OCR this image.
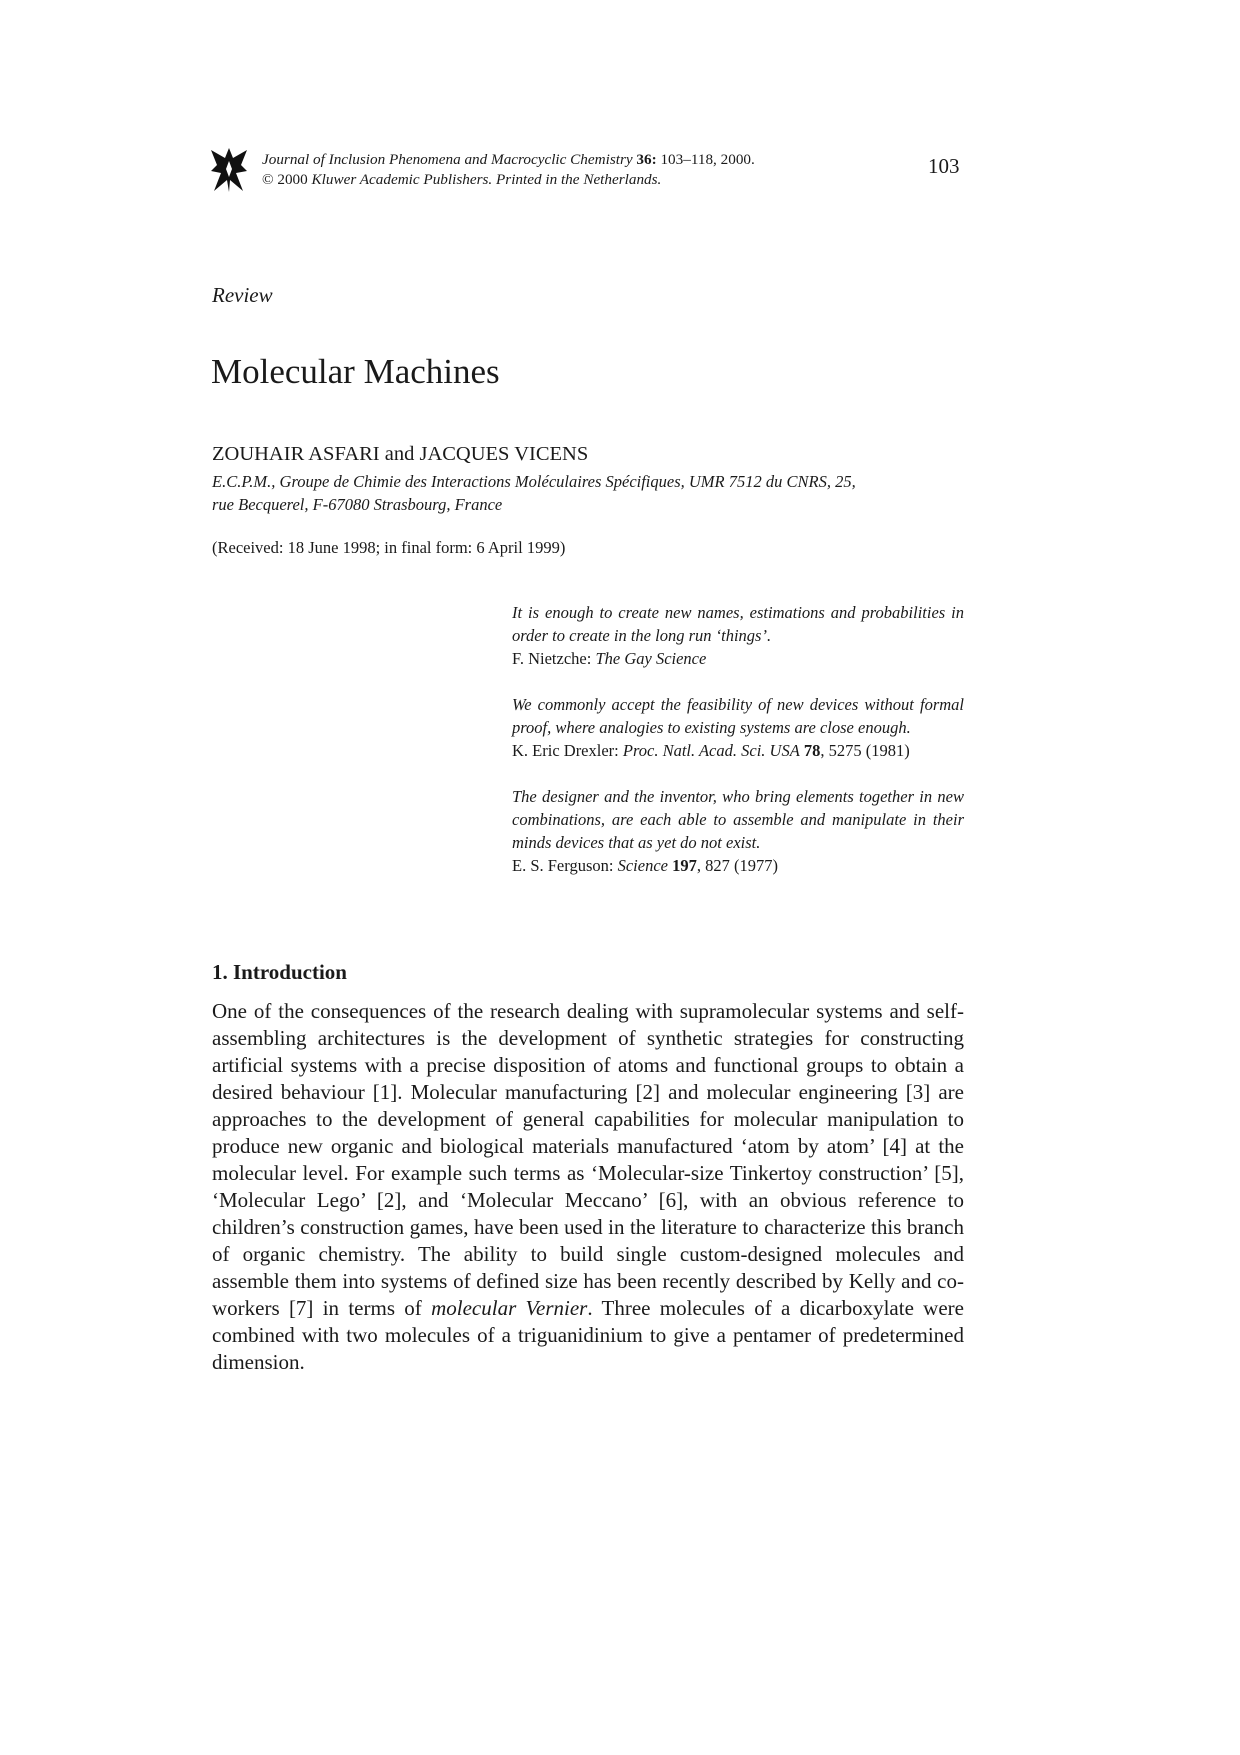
Journal of Inclusion Phenomena and Macrocyclic Chemistry 36: 103–118, 2000.
© 2000 Kluwer Academic Publishers. Printed in the Netherlands.
103
Review
Molecular Machines
ZOUHAIR ASFARI and JACQUES VICENS
E.C.P.M., Groupe de Chimie des Interactions Moléculaires Spécifiques, UMR 7512 du CNRS, 25,
rue Becquerel, F-67080 Strasbourg, France
(Received: 18 June 1998; in final form: 6 April 1999)
It is enough to create new names, estimations and probabilities in order to create in the long run ‘things’.
F. Nietzche: The Gay Science
We commonly accept the feasibility of new devices without formal proof, where analogies to existing systems are close enough.
K. Eric Drexler: Proc. Natl. Acad. Sci. USA 78, 5275 (1981)
The designer and the inventor, who bring elements together in new combinations, are each able to assemble and manipulate in their minds devices that as yet do not exist.
E. S. Ferguson: Science 197, 827 (1977)
1. Introduction

One of the consequences of the research dealing with supramolecular systems and self-assembling architectures is the development of synthetic strategies for constructing artificial systems with a precise disposition of atoms and functional groups to obtain a desired behaviour [1]. Molecular manufacturing [2] and molecular engineering [3] are approaches to the development of general capabilities for molecular manipulation to produce new organic and biological materials manufactured ‘atom by atom’ [4] at the molecular level. For example such terms as ‘Molecular-size Tinkertoy construction’ [5], ‘Molecular Lego’ [2], and ‘Molecular Meccano’ [6], with an obvious reference to children’s construction games, have been used in the literature to characterize this branch of organic chemistry. The ability to build single custom-designed molecules and assemble them into systems of defined size has been recently described by Kelly and co-workers [7] in terms of molecular Vernier. Three molecules of a dicarboxylate were combined with two molecules of a triguanidinium to give a pentamer of predetermined dimension.
